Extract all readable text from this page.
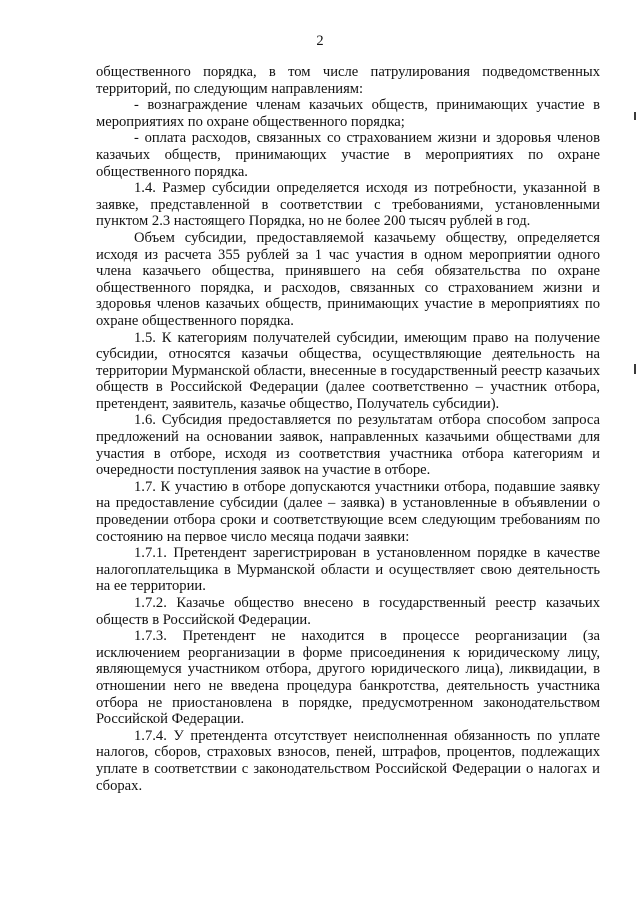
2

общественного порядка, в том числе патрулирования подведомственных территорий, по следующим направлениям:

- вознаграждение членам казачьих обществ, принимающих участие в мероприятиях по охране общественного порядка;

- оплата расходов, связанных со страхованием жизни и здоровья членов казачьих обществ, принимающих участие в мероприятиях по охране общественного порядка.

1.4. Размер субсидии определяется исходя из потребности, указанной в заявке, представленной в соответствии с требованиями, установленными пунктом 2.3 настоящего Порядка, но не более 200 тысяч рублей в год.

Объем субсидии, предоставляемой казачьему обществу, определяется исходя из расчета 355 рублей за 1 час участия в одном мероприятии одного члена казачьего общества, принявшего на себя обязательства по охране общественного порядка, и расходов, связанных со страхованием жизни и здоровья членов казачьих обществ, принимающих участие в мероприятиях по охране общественного порядка.

1.5. К категориям получателей субсидии, имеющим право на получение субсидии, относятся казачьи общества, осуществляющие деятельность на территории Мурманской области, внесенные в государственный реестр казачьих обществ в Российской Федерации (далее соответственно – участник отбора, претендент, заявитель, казачье общество, Получатель субсидии).

1.6. Субсидия предоставляется по результатам отбора способом запроса предложений на основании заявок, направленных казачьими обществами для участия в отборе, исходя из соответствия участника отбора категориям и очередности поступления заявок на участие в отборе.

1.7. К участию в отборе допускаются участники отбора, подавшие заявку на предоставление субсидии (далее – заявка) в установленные в объявлении о проведении отбора сроки и соответствующие всем следующим требованиям по состоянию на первое число месяца подачи заявки:

1.7.1. Претендент зарегистрирован в установленном порядке в качестве налогоплательщика в Мурманской области и осуществляет свою деятельность на ее территории.

1.7.2. Казачье общество внесено в государственный реестр казачьих обществ в Российской Федерации.

1.7.3. Претендент не находится в процессе реорганизации (за исключением реорганизации в форме присоединения к юридическому лицу, являющемуся участником отбора, другого юридического лица), ликвидации, в отношении него не введена процедура банкротства, деятельность участника отбора не приостановлена в порядке, предусмотренном законодательством Российской Федерации.

1.7.4. У претендента отсутствует неисполненная обязанность по уплате налогов, сборов, страховых взносов, пеней, штрафов, процентов, подлежащих уплате в соответствии с законодательством Российской Федерации о налогах и сборах.
